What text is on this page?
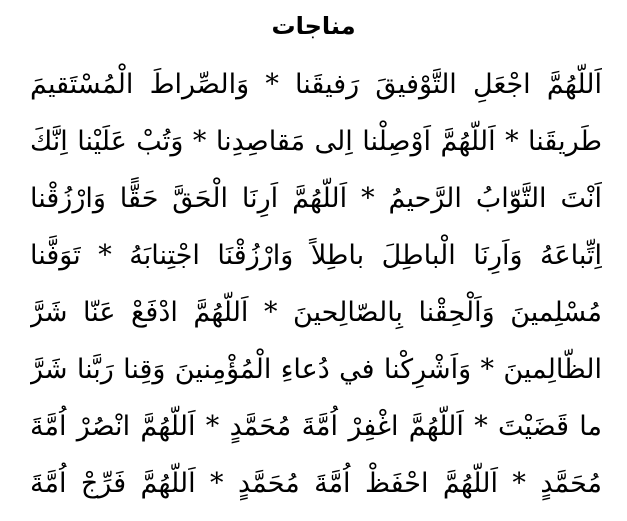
مناجات
اَللّهُمَّ اجْعَلِ التَّوْفيقَ رَفيقَنا * وَالصِّراطَ الْمُسْتَقيمَ
طَريقَنا * اَللّهُمَّ اَوْصِلْنا اِلى مَقاصِدِنا * وَتُبْ عَلَيْنا اِنَّكَ
اَنْتَ التَّوّابُ الرَّحيمُ * اَللّهُمَّ اَرِنَا الْحَقَّ حَقًّا وَارْزُقْنا
اِتِّباعَهُ وَاَرِنَا الْباطِلَ باطِلاً وَارْزُقْنَا اجْتِنابَهُ * تَوَفَّنا
مُسْلِمينَ وَاَلْحِقْنا بِالصّالِحينَ * اَللّهُمَّ ادْفَعْ عَنّا شَرَّ
الظّالِمينَ * وَاَشْرِكْنا في دُعاءِ الْمُؤْمِنينَ وَقِنا رَبَّنا شَرَّ
ما قَضَيْتَ * اَللّهُمَّ اغْفِرْ اُمَّةَ مُحَمَّدٍ * اَللّهُمَّ انْصُرْ اُمَّةَ
مُحَمَّدٍ * اَللّهُمَّ احْفَظْ اُمَّةَ مُحَمَّدٍ * اَللّهُمَّ فَرِّجْ اُمَّةَ
